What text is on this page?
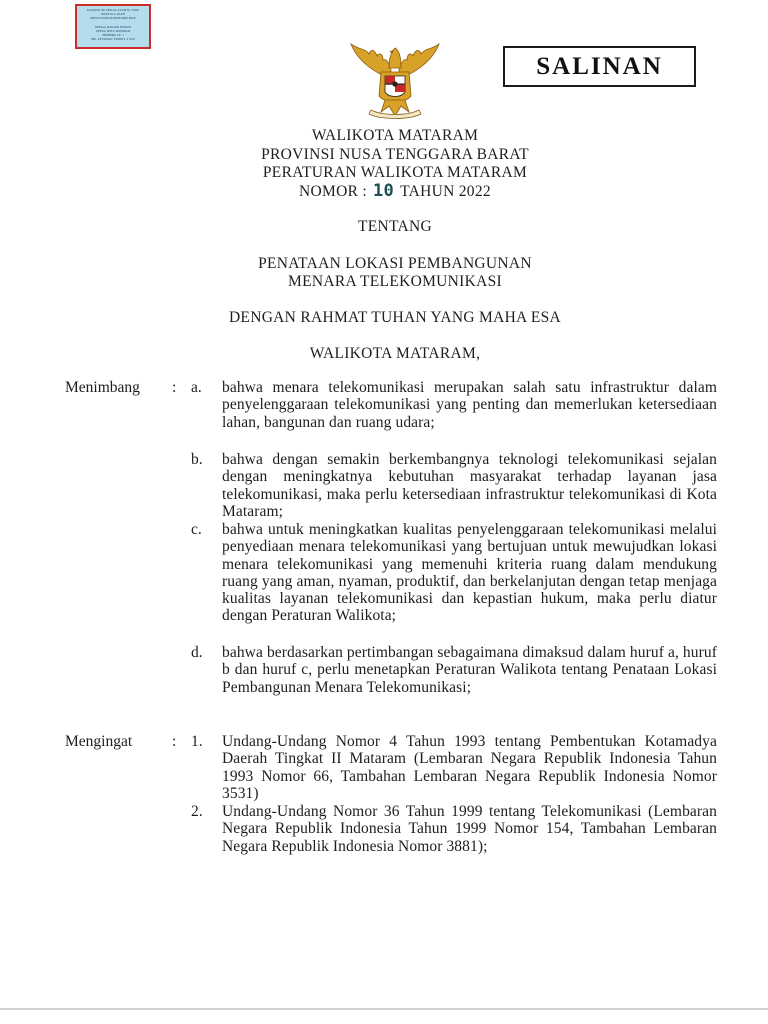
SALINAN INI SESUAI ASLINYA YANG
DIKELOLA OLEH
KEPUTUSAN ELEKTRONIK BSrE
KEPALA BAGIAN HUKUM
SETDA KOTA MATARAM
PEMBINA TK. I
NIP. 19750607 200003 1 012
SALINAN
WALIKOTA MATARAM
PROVINSI NUSA TENGGARA BARAT
PERATURAN WALIKOTA MATARAM
NOMOR : 10 TAHUN 2022
TENTANG
PENATAAN LOKASI PEMBANGUNAN
MENARA TELEKOMUNIKASI
DENGAN RAHMAT TUHAN YANG MAHA ESA
WALIKOTA MATARAM,
Menimbang : a. bahwa menara telekomunikasi merupakan salah satu infrastruktur dalam penyelenggaraan telekomunikasi yang penting dan memerlukan ketersediaan lahan, bangunan dan ruang udara;
b. bahwa dengan semakin berkembangnya teknologi telekomunikasi sejalan dengan meningkatnya kebutuhan masyarakat terhadap layanan jasa telekomunikasi, maka perlu ketersediaan infrastruktur telekomunikasi di Kota Mataram;
c. bahwa untuk meningkatkan kualitas penyelenggaraan telekomunikasi melalui penyediaan menara telekomunikasi yang bertujuan untuk mewujudkan lokasi menara telekomunikasi yang memenuhi kriteria ruang dalam mendukung ruang yang aman, nyaman, produktif, dan berkelanjutan dengan tetap menjaga kualitas layanan telekomunikasi dan kepastian hukum, maka perlu diatur dengan Peraturan Walikota;
d. bahwa berdasarkan pertimbangan sebagaimana dimaksud dalam huruf a, huruf b dan huruf c, perlu menetapkan Peraturan Walikota tentang Penataan Lokasi Pembangunan Menara Telekomunikasi;
Mengingat	: 1. Undang-Undang Nomor 4 Tahun 1993 tentang Pembentukan Kotamadya Daerah Tingkat II Mataram (Lembaran Negara Republik Indonesia Tahun 1993 Nomor 66, Tambahan Lembaran Negara Republik Indonesia Nomor 3531)
2. Undang-Undang Nomor 36 Tahun 1999 tentang Telekomunikasi (Lembaran Negara Republik Indonesia Tahun 1999 Nomor 154, Tambahan Lembaran Negara Republik Indonesia Nomor 3881);
